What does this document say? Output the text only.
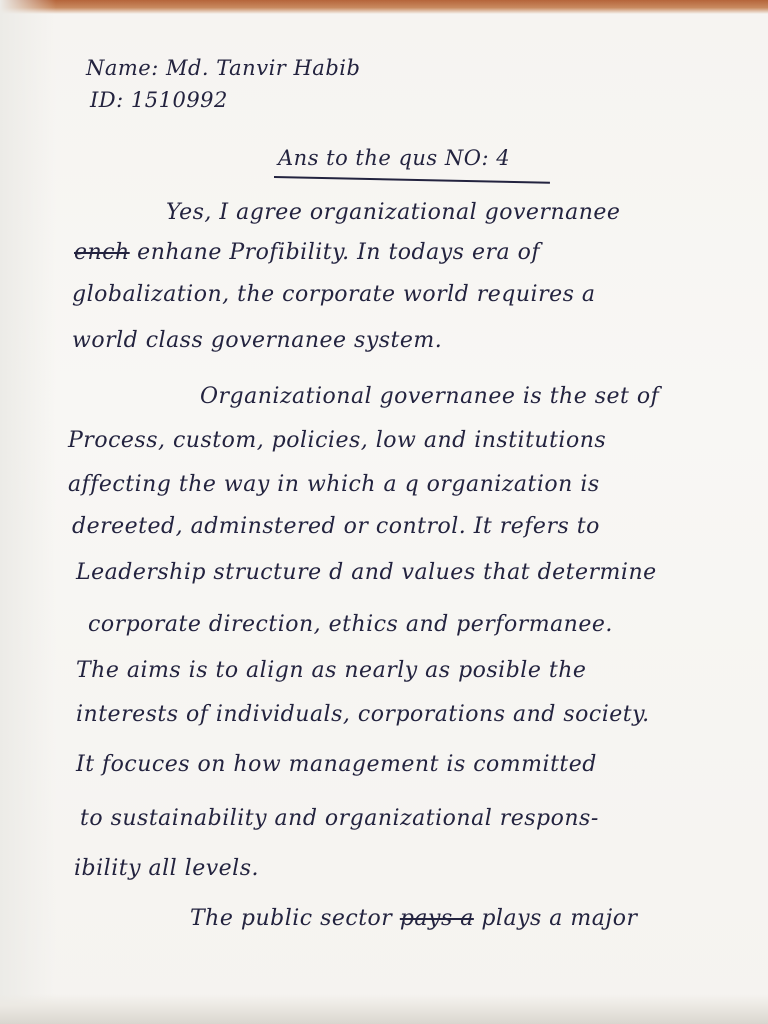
Name: Md. Tanvir Habib
ID: 1510992
Ans to the qus NO: 4
Yes, I agree organizational governanee
ench enhane Profibility. In todays era of
globalization, the corporate world requires a
world class governanee system.
Organizational governanee is the set of
Process, custom, policies, low and institutions
affecting the way in which a q organization is
dereeted, adminstered or control. It refers to
Leadership structure d and values that determine
corporate direction, ethics and performanee.
The aims is to align as nearly as posible the
interests of individuals, corporations and society.
It focuces on how management is committed
to sustainability and organizational respons-
ibility all levels.
The public sector pays a plays a major
